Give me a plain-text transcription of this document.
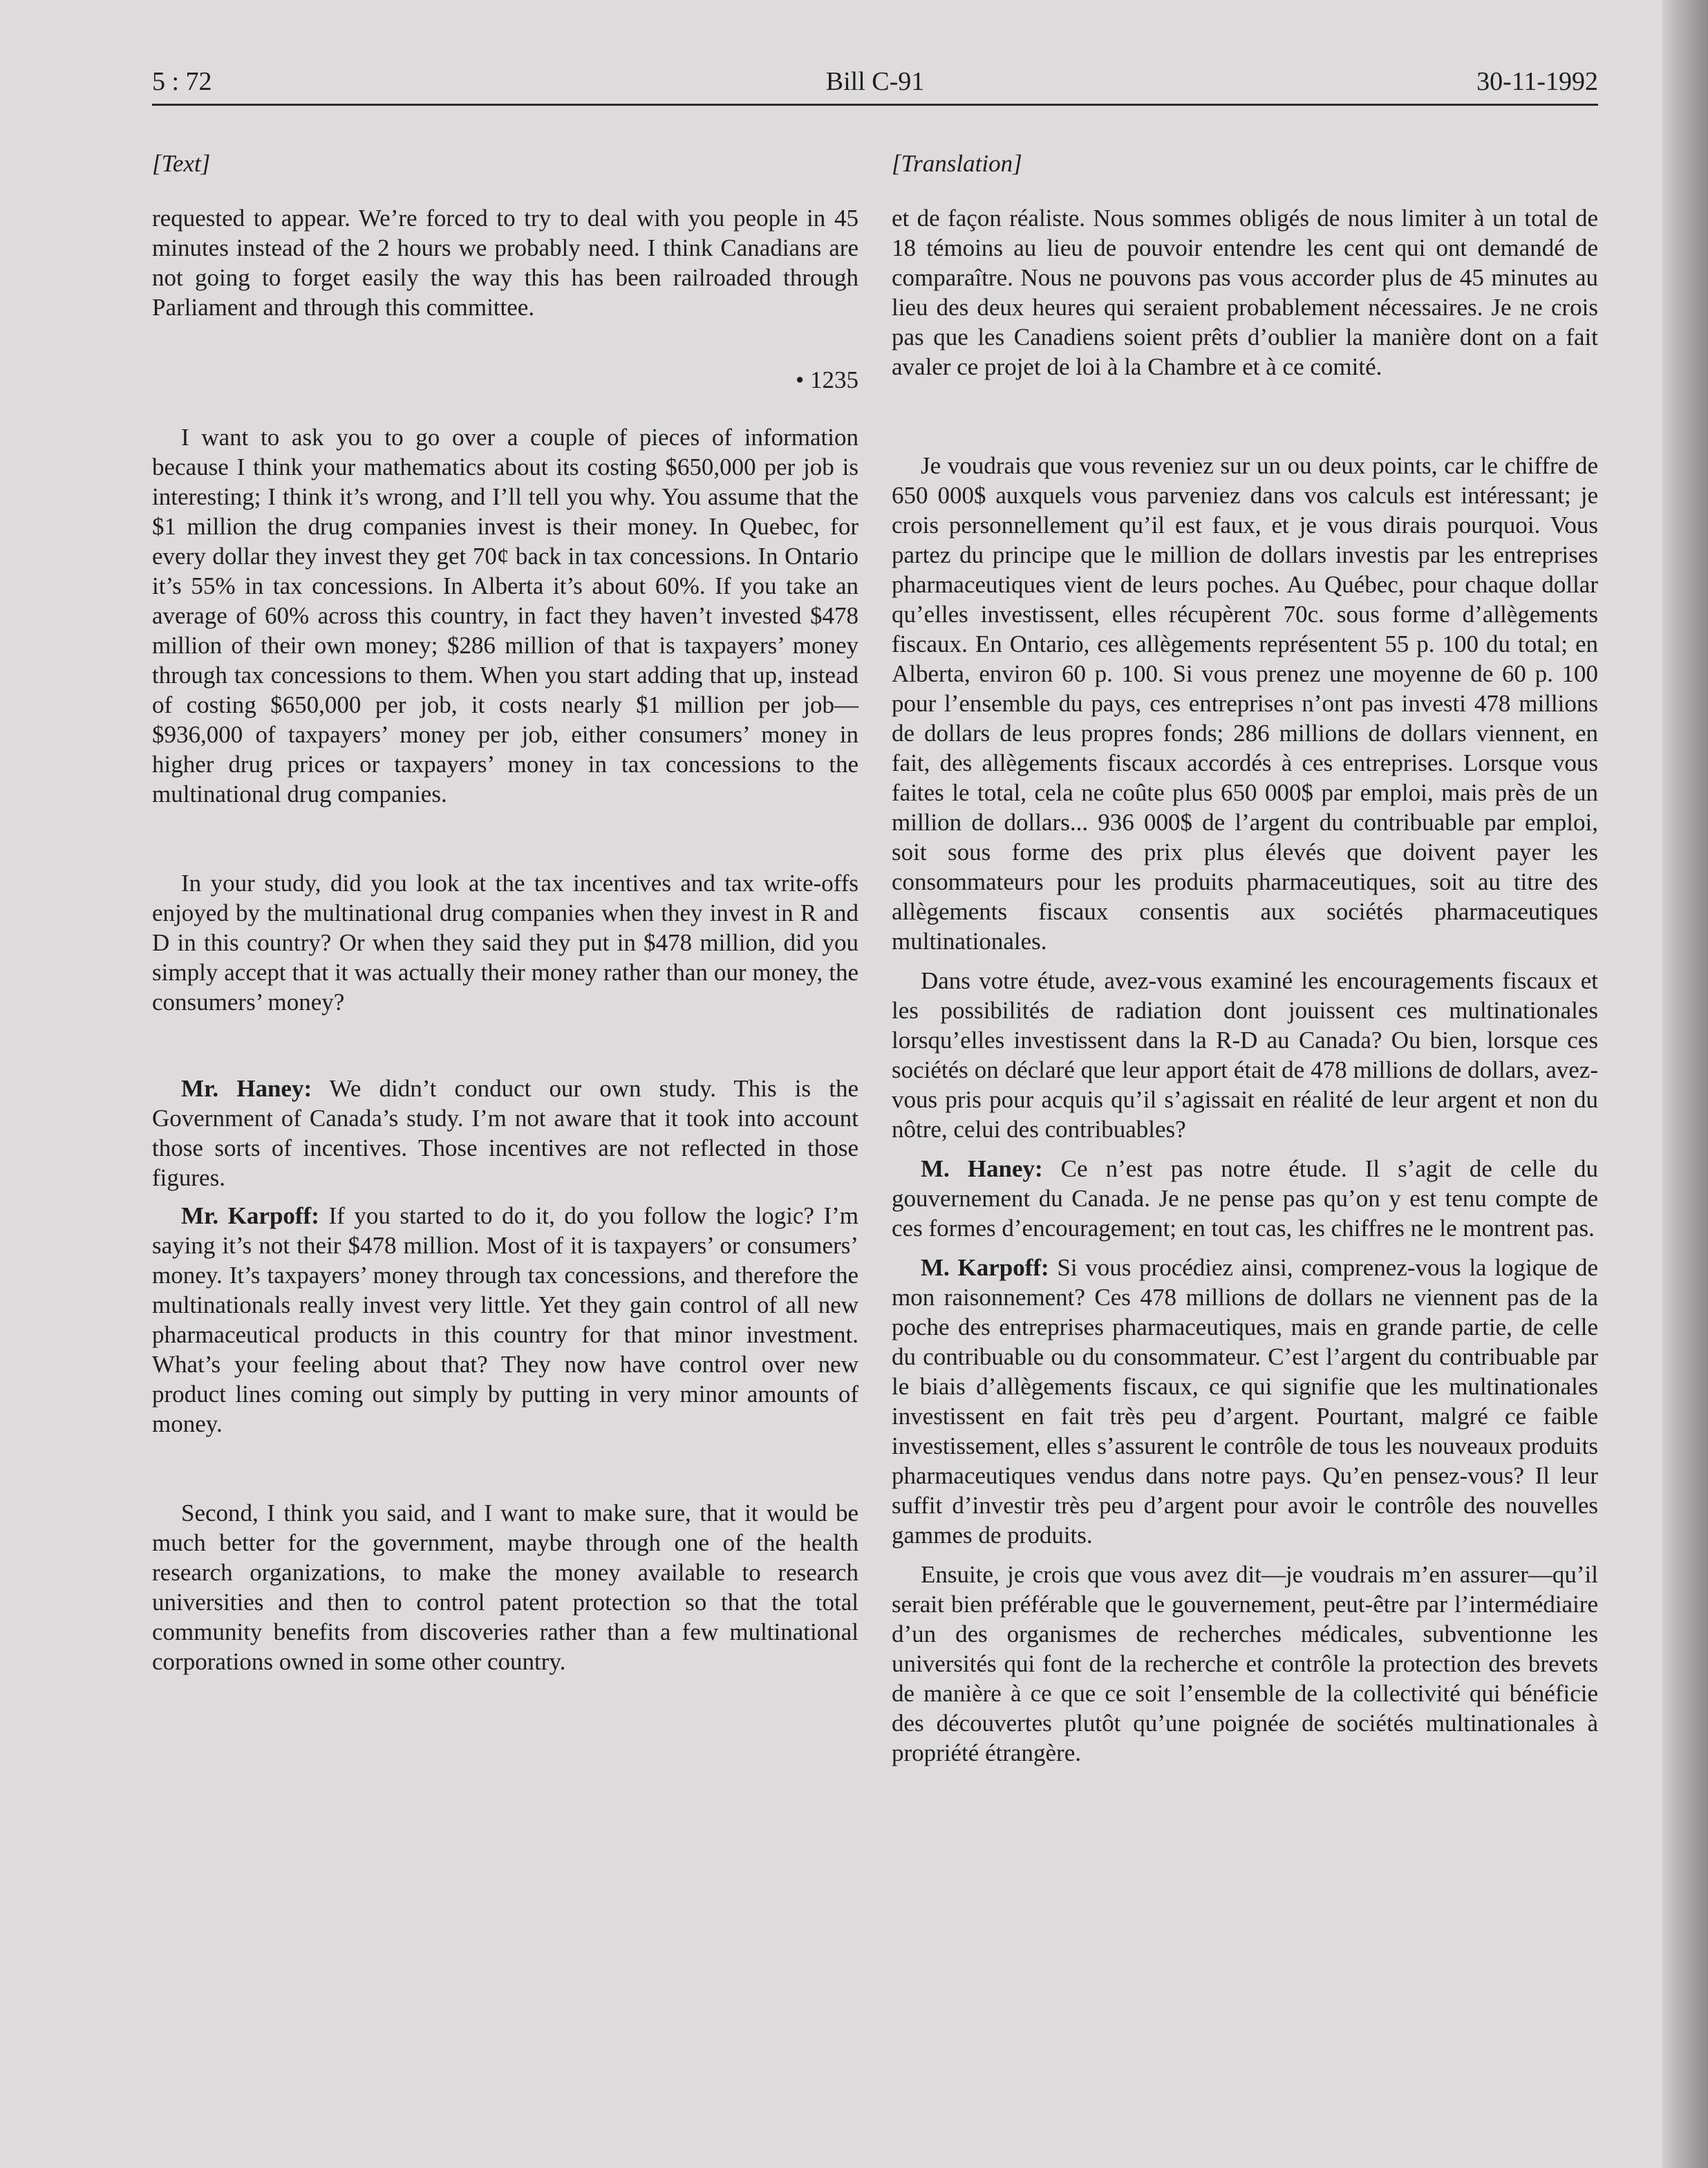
5 : 72	Bill C-91	30-11-1992
[Text]

requested to appear. We’re forced to try to deal with you people in 45 minutes instead of the 2 hours we probably need. I think Canadians are not going to forget easily the way this has been railroaded through Parliament and through this committee.

• 1235

I want to ask you to go over a couple of pieces of information because I think your mathematics about its costing $650,000 per job is interesting; I think it’s wrong, and I’ll tell you why. You assume that the $1 million the drug companies invest is their money. In Quebec, for every dollar they invest they get 70¢ back in tax concessions. In Ontario it’s 55% in tax concessions. In Alberta it’s about 60%. If you take an average of 60% across this country, in fact they haven’t invested $478 million of their own money; $286 million of that is taxpayers’ money through tax concessions to them. When you start adding that up, instead of costing $650,000 per job, it costs nearly $1 million per job—$936,000 of taxpayers’ money per job, either consumers’ money in higher drug prices or taxpayers’ money in tax concessions to the multinational drug companies.

In your study, did you look at the tax incentives and tax write-offs enjoyed by the multinational drug companies when they invest in R and D in this country? Or when they said they put in $478 million, did you simply accept that it was actually their money rather than our money, the consumers’ money?

Mr. Haney: We didn’t conduct our own study. This is the Government of Canada’s study. I’m not aware that it took into account those sorts of incentives. Those incentives are not reflected in those figures.

Mr. Karpoff: If you started to do it, do you follow the logic? I’m saying it’s not their $478 million. Most of it is taxpayers’ or consumers’ money. It’s taxpayers’ money through tax concessions, and therefore the multinationals really invest very little. Yet they gain control of all new pharmaceutical products in this country for that minor investment. What’s your feeling about that? They now have control over new product lines coming out simply by putting in very minor amounts of money.

Second, I think you said, and I want to make sure, that it would be much better for the government, maybe through one of the health research organizations, to make the money available to research universities and then to control patent protection so that the total community benefits from discoveries rather than a few multinational corporations owned in some other country.

[Translation]

et de façon réaliste. Nous sommes obligés de nous limiter à un total de 18 témoins au lieu de pouvoir entendre les cent qui ont demandé de comparaître. Nous ne pouvons pas vous accorder plus de 45 minutes au lieu des deux heures qui seraient probablement nécessaires. Je ne crois pas que les Canadiens soient prêts d’oublier la manière dont on a fait avaler ce projet de loi à la Chambre et à ce comité.

Je voudrais que vous reveniez sur un ou deux points, car le chiffre de 650 000$ auxquels vous parveniez dans vos calculs est intéressant; je crois personnellement qu’il est faux, et je vous dirais pourquoi. Vous partez du principe que le million de dollars investis par les entreprises pharmaceutiques vient de leurs poches. Au Québec, pour chaque dollar qu’elles investissent, elles récupèrent 70c. sous forme d’allègements fiscaux. En Ontario, ces allègements représentent 55 p. 100 du total; en Alberta, environ 60 p. 100. Si vous prenez une moyenne de 60 p. 100 pour l’ensemble du pays, ces entreprises n’ont pas investi 478 millions de dollars de leus propres fonds; 286 millions de dollars viennent, en fait, des allègements fiscaux accordés à ces entreprises. Lorsque vous faites le total, cela ne coûte plus 650 000$ par emploi, mais près de un million de dollars... 936 000$ de l’argent du contribuable par emploi, soit sous forme des prix plus élevés que doivent payer les consommateurs pour les produits pharmaceutiques, soit au titre des allègements fiscaux consentis aux sociétés pharmaceutiques multinationales.

Dans votre étude, avez-vous examiné les encouragements fiscaux et les possibilités de radiation dont jouissent ces multinationales lorsqu’elles investissent dans la R-D au Canada? Ou bien, lorsque ces sociétés on déclaré que leur apport était de 478 millions de dollars, avez-vous pris pour acquis qu’il s’agissait en réalité de leur argent et non du nôtre, celui des contribuables?

M. Haney: Ce n’est pas notre étude. Il s’agit de celle du gouvernement du Canada. Je ne pense pas qu’on y est tenu compte de ces formes d’encouragement; en tout cas, les chiffres ne le montrent pas.

M. Karpoff: Si vous procédiez ainsi, comprenez-vous la logique de mon raisonnement? Ces 478 millions de dollars ne viennent pas de la poche des entreprises pharmaceutiques, mais en grande partie, de celle du contribuable ou du consommateur. C’est l’argent du contribuable par le biais d’allègements fiscaux, ce qui signifie que les multinationales investissent en fait très peu d’argent. Pourtant, malgré ce faible investissement, elles s’assurent le contrôle de tous les nouveaux produits pharmaceutiques vendus dans notre pays. Qu’en pensez-vous? Il leur suffit d’investir très peu d’argent pour avoir le contrôle des nouvelles gammes de produits.

Ensuite, je crois que vous avez dit—je voudrais m’en assurer—qu’il serait bien préférable que le gouvernement, peut-être par l’intermédiaire d’un des organismes de recherches médicales, subventionne les universités qui font de la recherche et contrôle la protection des brevets de manière à ce que ce soit l’ensemble de la collectivité qui bénéficie des découvertes plutôt qu’une poignée de sociétés multinationales à propriété étrangère.
